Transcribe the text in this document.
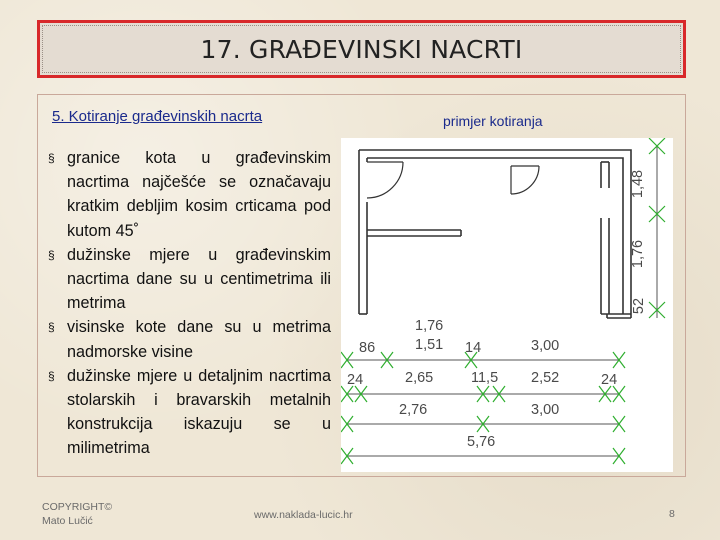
17. GRAĐEVINSKI NACRTI
5. Kotiranje građevinskih nacrta	primjer kotiranja
§ granice kota u građevinskim nacrtima najčešće se označavaju kratkim debljim kosim crticama pod kutom 45˚
§ dužinske mjere u građevinskim nacrtima dane su u centimetrima ili metrima
§ visinske kote dane su u metrima nadmorske visine
§ dužinske mjere u detaljnim nacrtima stolarskih i bravarskih metalnih konstrukcija iskazuju se u milimetrima
1,48
1,76
52
1,76
1,51
86	14	3,00
24	2,65	11,5 2,52	24
2,76	3,00
5,76
COPYRIGHT©
Mato Lučić	www.naklada-lucic.hr	8
